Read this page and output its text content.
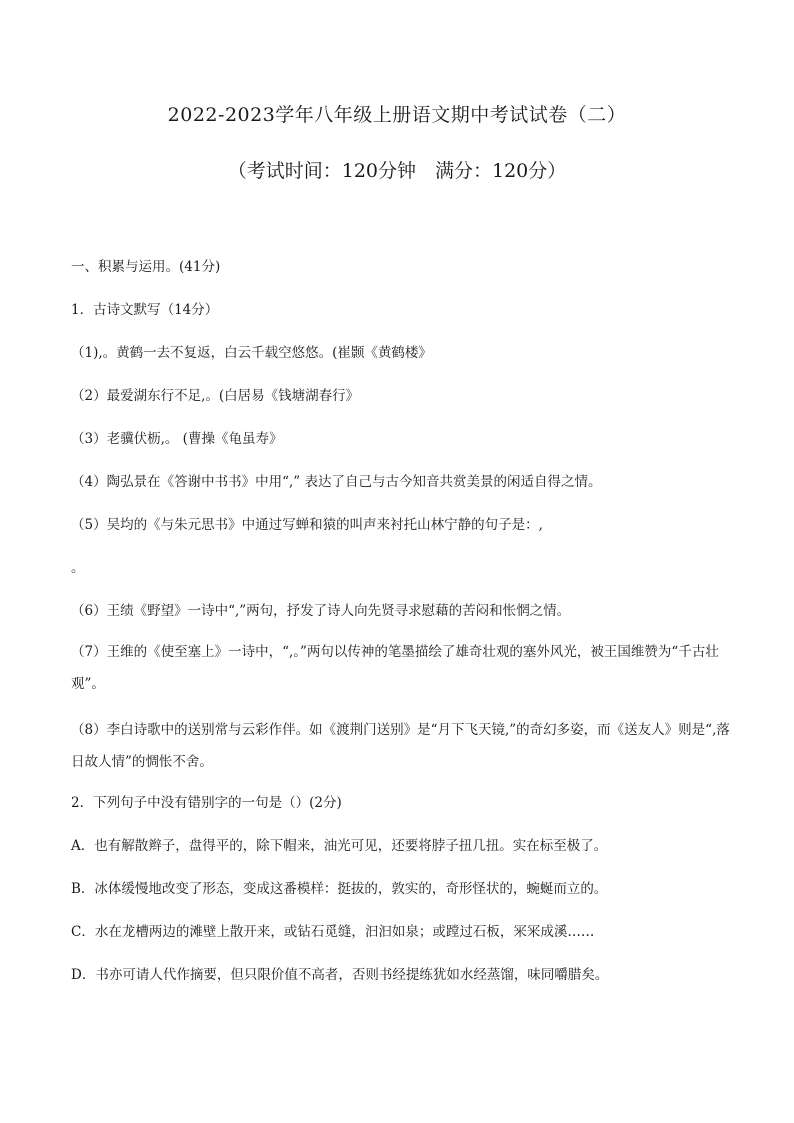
2022-2023学年八年级上册语文期中考试试卷（二）
（考试时间：120分钟　满分：120分）

一、积累与运用。(41分)

1．古诗文默写（14分）

（1),。黄鹤一去不复返，白云千载空悠悠。(崔颢《黄鹤楼》

（2）最爱湖东行不足,。(白居易《钱塘湖春行》

（3）老骥伏枥,。 (曹操《龟虽寿》

（4）陶弘景在《答谢中书书》中用“,” 表达了自己与古今知音共赏美景的闲适自得之情。

（5）吴均的《与朱元思书》中通过写蝉和猿的叫声来衬托山林宁静的句子是：,

。

（6）王绩《野望》一诗中“,”两句，抒发了诗人向先贤寻求慰藉的苦闷和怅惘之情。

（7）王维的《使至塞上》一诗中，“,。”两句以传神的笔墨描绘了雄奇壮观的塞外风光，被王国维赞为“千古壮观”。

（8）李白诗歌中的送别常与云彩作伴。如《渡荆门送别》是“月下飞天镜,”的奇幻多姿，而《送友人》则是“,落日故人情”的惆怅不舍。

2．下列句子中没有错别字的一句是（）(2分)

A．也有解散辫子，盘得平的，除下帽来，油光可见，还要将脖子扭几扭。实在标至极了。

B．冰体缓慢地改变了形态，变成这番模样：挺拔的，敦实的，奇形怪状的，蜿蜒而立的。

C．水在龙槽两边的滩壁上散开来，或钻石觅缝，汩汩如泉；或蹚过石板，冞冞成溪……

D．书亦可请人代作摘要，但只限价值不高者，否则书经提练犹如水经蒸馏，味同嚼腊矣。
